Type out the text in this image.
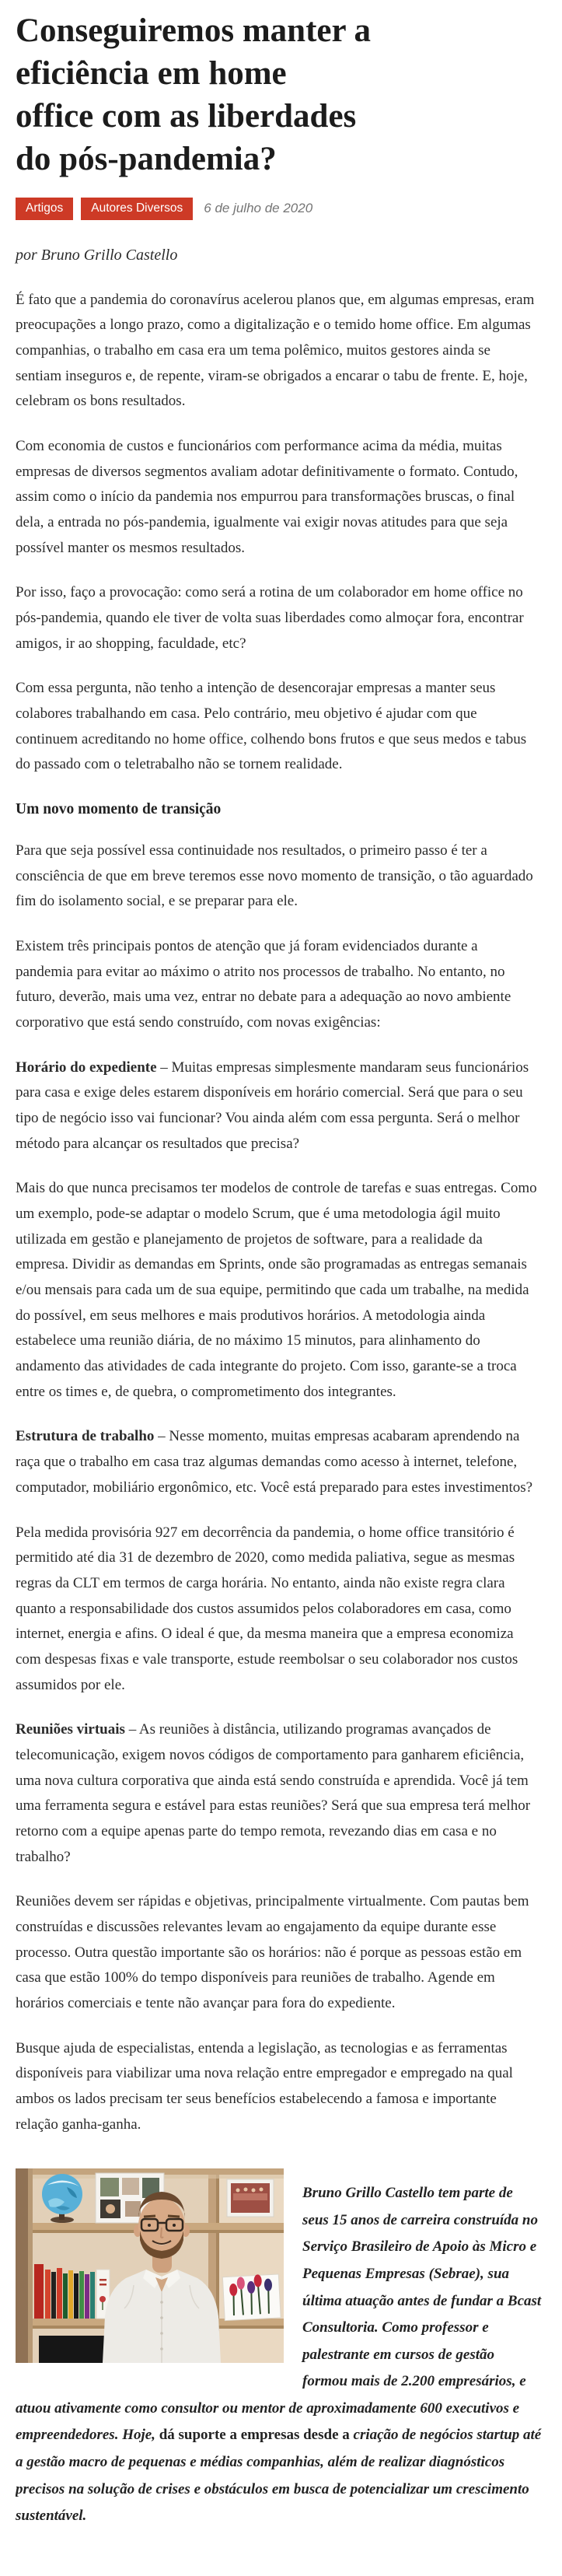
Conseguiremos manter a
eficiência em home
office com as liberdades
do pós-pandemia?
Artigos	Autores Diversos	6 de julho de 2020

por Bruno Grillo Castello

É fato que a pandemia do coronavírus acelerou planos que, em algumas empresas, eram preocupações a longo prazo, como a digitalização e o temido home office. Em algumas companhias, o trabalho em casa era um tema polêmico, muitos gestores ainda se sentiam inseguros e, de repente, viram-se obrigados a encarar o tabu de frente. E, hoje, celebram os bons resultados.

Com economia de custos e funcionários com performance acima da média, muitas empresas de diversos segmentos avaliam adotar definitivamente o formato. Contudo, assim como o início da pandemia nos empurrou para transformações bruscas, o final dela, a entrada no pós-pandemia, igualmente vai exigir novas atitudes para que seja possível manter os mesmos resultados.

Por isso, faço a provocação: como será a rotina de um colaborador em home office no pós-pandemia, quando ele tiver de volta suas liberdades como almoçar fora, encontrar amigos, ir ao shopping, faculdade, etc?

Com essa pergunta, não tenho a intenção de desencorajar empresas a manter seus colabores trabalhando em casa. Pelo contrário, meu objetivo é ajudar com que continuem acreditando no home office, colhendo bons frutos e que seus medos e tabus do passado com o teletrabalho não se tornem realidade.

Um novo momento de transição

Para que seja possível essa continuidade nos resultados, o primeiro passo é ter a consciência de que em breve teremos esse novo momento de transição, o tão aguardado fim do isolamento social, e se preparar para ele.

Existem três principais pontos de atenção que já foram evidenciados durante a pandemia para evitar ao máximo o atrito nos processos de trabalho. No entanto, no futuro, deverão, mais uma vez, entrar no debate para a adequação ao novo ambiente corporativo que está sendo construído, com novas exigências:

Horário do expediente – Muitas empresas simplesmente mandaram seus funcionários para casa e exige deles estarem disponíveis em horário comercial. Será que para o seu tipo de negócio isso vai funcionar? Vou ainda além com essa pergunta. Será o melhor método para alcançar os resultados que precisa?

Mais do que nunca precisamos ter modelos de controle de tarefas e suas entregas. Como um exemplo, pode-se adaptar o modelo Scrum, que é uma metodologia ágil muito utilizada em gestão e planejamento de projetos de software, para a realidade da empresa. Dividir as demandas em Sprints, onde são programadas as entregas semanais e/ou mensais para cada um de sua equipe, permitindo que cada um trabalhe, na medida do possível, em seus melhores e mais produtivos horários. A metodologia ainda estabelece uma reunião diária, de no máximo 15 minutos, para alinhamento do andamento das atividades de cada integrante do projeto. Com isso, garante-se a troca entre os times e, de quebra, o comprometimento dos integrantes.

Estrutura de trabalho – Nesse momento, muitas empresas acabaram aprendendo na raça que o trabalho em casa traz algumas demandas como acesso à internet, telefone, computador, mobiliário ergonômico, etc. Você está preparado para estes investimentos?

Pela medida provisória 927 em decorrência da pandemia, o home office transitório é permitido até dia 31 de dezembro de 2020, como medida paliativa, segue as mesmas regras da CLT em termos de carga horária. No entanto, ainda não existe regra clara quanto a responsabilidade dos custos assumidos pelos colaboradores em casa, como internet, energia e afins. O ideal é que, da mesma maneira que a empresa economiza com despesas fixas e vale transporte, estude reembolsar o seu colaborador nos custos assumidos por ele.

Reuniões virtuais – As reuniões à distância, utilizando programas avançados de telecomunicação, exigem novos códigos de comportamento para ganharem eficiência, uma nova cultura corporativa que ainda está sendo construída e aprendida. Você já tem uma ferramenta segura e estável para estas reuniões? Será que sua empresa terá melhor retorno com a equipe apenas parte do tempo remota, revezando dias em casa e no trabalho?

Reuniões devem ser rápidas e objetivas, principalmente virtualmente. Com pautas bem construídas e discussões relevantes levam ao engajamento da equipe durante esse processo. Outra questão importante são os horários: não é porque as pessoas estão em casa que estão 100% do tempo disponíveis para reuniões de trabalho. Agende em horários comerciais e tente não avançar para fora do expediente.

Busque ajuda de especialistas, entenda a legislação, as tecnologias e as ferramentas disponíveis para viabilizar uma nova relação entre empregador e empregado na qual ambos os lados precisam ter seus benefícios estabelecendo a famosa e importante relação ganha-ganha.

Bruno Grillo Castello tem parte de seus 15 anos de carreira construída no Serviço Brasileiro de Apoio às Micro e Pequenas Empresas (Sebrae), sua última atuação antes de fundar a Bcast Consultoria. Como professor e palestrante em cursos de gestão formou mais de 2.200 empresários, e atuou ativamente como consultor ou mentor de aproximadamente 600 executivos e empreendedores. Hoje, dá suporte a empresas desde a criação de negócios startup até a gestão macro de pequenas e médias companhias, além de realizar diagnósticos precisos na solução de crises e obstáculos em busca de potencializar um crescimento sustentável.
